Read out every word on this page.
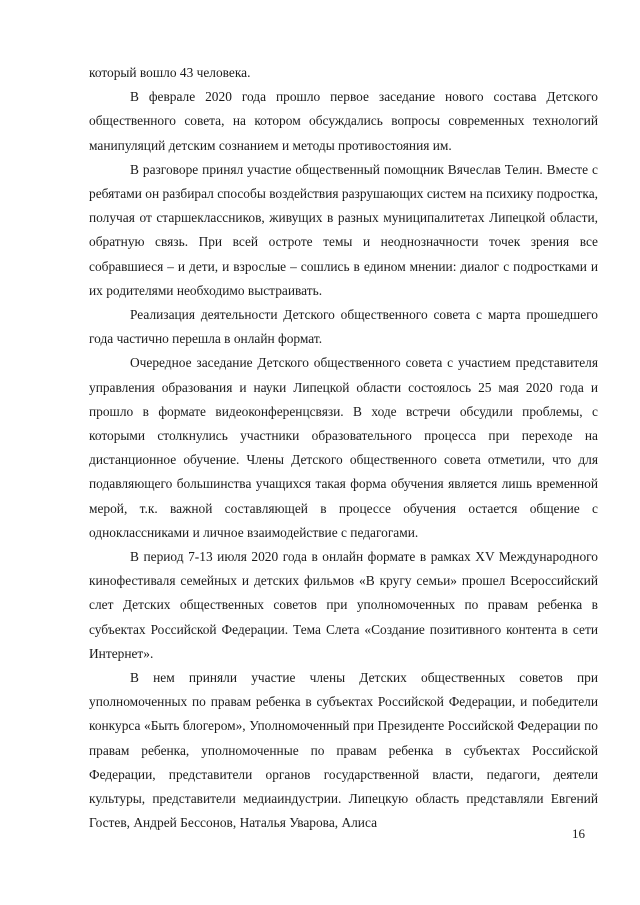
который вошло 43 человека.

В феврале 2020 года прошло первое заседание нового состава Детского общественного совета, на котором обсуждались вопросы современных технологий манипуляций детским сознанием и методы противостояния им.

В разговоре принял участие общественный помощник Вячеслав Телин. Вместе с ребятами он разбирал способы воздействия разрушающих систем на психику подростка, получая от старшеклассников, живущих в разных муниципалитетах Липецкой области, обратную связь. При всей остроте темы и неоднозначности точек зрения все собравшиеся – и дети, и взрослые – сошлись в едином мнении: диалог с подростками и их родителями необходимо выстраивать.

Реализация деятельности Детского общественного совета с марта прошедшего года частично перешла в онлайн формат.

Очередное заседание Детского общественного совета с участием представителя управления образования и науки Липецкой области состоялось 25 мая 2020 года и прошло в формате видеоконференцсвязи. В ходе встречи обсудили проблемы, с которыми столкнулись участники образовательного процесса при переходе на дистанционное обучение. Члены Детского общественного совета отметили, что для подавляющего большинства учащихся такая форма обучения является лишь временной мерой, т.к. важной составляющей в процессе обучения остается общение с одноклассниками и личное взаимодействие с педагогами.

В период 7-13 июля 2020 года в онлайн формате в рамках XV Международного кинофестиваля семейных и детских фильмов «В кругу семьи» прошел Всероссийский слет Детских общественных советов при уполномоченных по правам ребенка в субъектах Российской Федерации. Тема Слета «Создание позитивного контента в сети Интернет».

В нем приняли участие члены Детских общественных советов при уполномоченных по правам ребенка в субъектах Российской Федерации, и победители конкурса «Быть блогером», Уполномоченный при Президенте Российской Федерации по правам ребенка, уполномоченные по правам ребенка в субъектах Российской Федерации, представители органов государственной власти, педагоги, деятели культуры, представители медиаиндустрии. Липецкую область представляли Евгений Гостев, Андрей Бессонов, Наталья Уварова, Алиса

16
